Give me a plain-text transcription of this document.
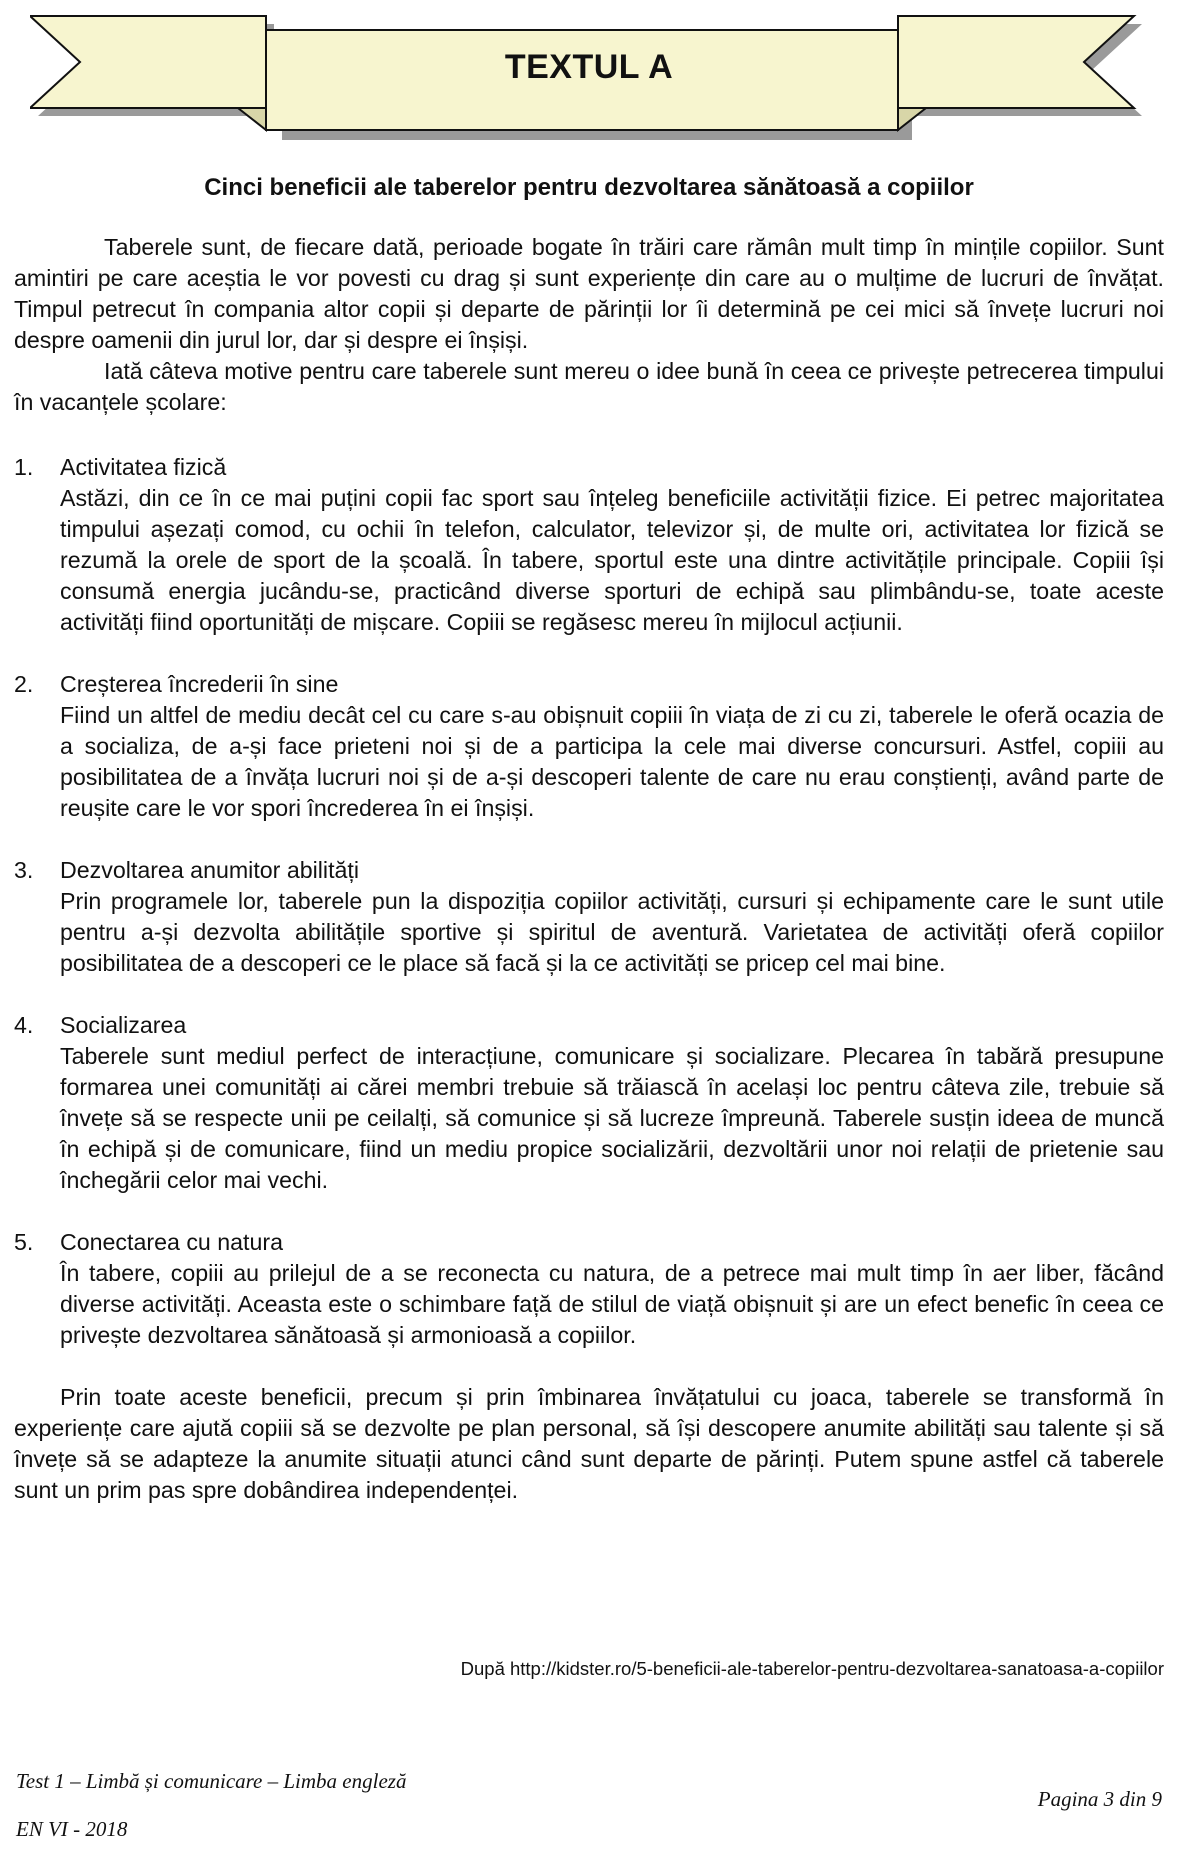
TEXTUL A
Cinci beneficii ale taberelor pentru dezvoltarea sănătoasă a copiilor

Taberele sunt, de fiecare dată, perioade bogate în trăiri care rămân mult timp în mințile copiilor. Sunt amintiri pe care aceștia le vor povesti cu drag și sunt experiențe din care au o mulțime de lucruri de învățat. Timpul petrecut în compania altor copii și departe de părinții lor îi determină pe cei mici să învețe lucruri noi despre oamenii din jurul lor, dar și despre ei înșiși.

Iată câteva motive pentru care taberele sunt mereu o idee bună în ceea ce privește petrecerea timpului în vacanțele școlare:

1. Activitatea fizică

Astăzi, din ce în ce mai puțini copii fac sport sau înțeleg beneficiile activității fizice. Ei petrec majoritatea timpului așezați comod, cu ochii în telefon, calculator, televizor și, de multe ori, activitatea lor fizică se rezumă la orele de sport de la școală. În tabere, sportul este una dintre activitățile principale. Copiii își consumă energia jucându-se, practicând diverse sporturi de echipă sau plimbându-se, toate aceste activități fiind oportunități de mișcare. Copiii se regăsesc mereu în mijlocul acțiunii.

2. Creșterea încrederii în sine

Fiind un altfel de mediu decât cel cu care s-au obișnuit copiii în viața de zi cu zi, taberele le oferă ocazia de a socializa, de a-și face prieteni noi și de a participa la cele mai diverse concursuri. Astfel, copiii au posibilitatea de a învăța lucruri noi și de a-și descoperi talente de care nu erau conștienți, având parte de reușite care le vor spori încrederea în ei înșiși.

3. Dezvoltarea anumitor abilități

Prin programele lor, taberele pun la dispoziția copiilor activități, cursuri și echipamente care le sunt utile pentru a-și dezvolta abilitățile sportive și spiritul de aventură. Varietatea de activități oferă copiilor posibilitatea de a descoperi ce le place să facă și la ce activități se pricep cel mai bine.

4. Socializarea

Taberele sunt mediul perfect de interacțiune, comunicare și socializare. Plecarea în tabără presupune formarea unei comunități ai cărei membri trebuie să trăiască în același loc pentru câteva zile, trebuie să învețe să se respecte unii pe ceilalți, să comunice și să lucreze împreună. Taberele susțin ideea de muncă în echipă și de comunicare, fiind un mediu propice socializării, dezvoltării unor noi relații de prietenie sau închegării celor mai vechi.

5. Conectarea cu natura

În tabere, copiii au prilejul de a se reconecta cu natura, de a petrece mai mult timp în aer liber, făcând diverse activități. Aceasta este o schimbare față de stilul de viață obișnuit și are un efect benefic în ceea ce privește dezvoltarea sănătoasă și armonioasă a copiilor.

Prin toate aceste beneficii, precum și prin îmbinarea învățatului cu joaca, taberele se transformă în experiențe care ajută copiii să se dezvolte pe plan personal, să își descopere anumite abilități sau talente și să învețe să se adapteze la anumite situații atunci când sunt departe de părinți. Putem spune astfel că taberele sunt un prim pas spre dobândirea independenței.

După http://kidster.ro/5-beneficii-ale-taberelor-pentru-dezvoltarea-sanatoasa-a-copiilor
Test 1 – Limbă și comunicare – Limba engleză
EN VI - 2018
Pagina 3 din 9
